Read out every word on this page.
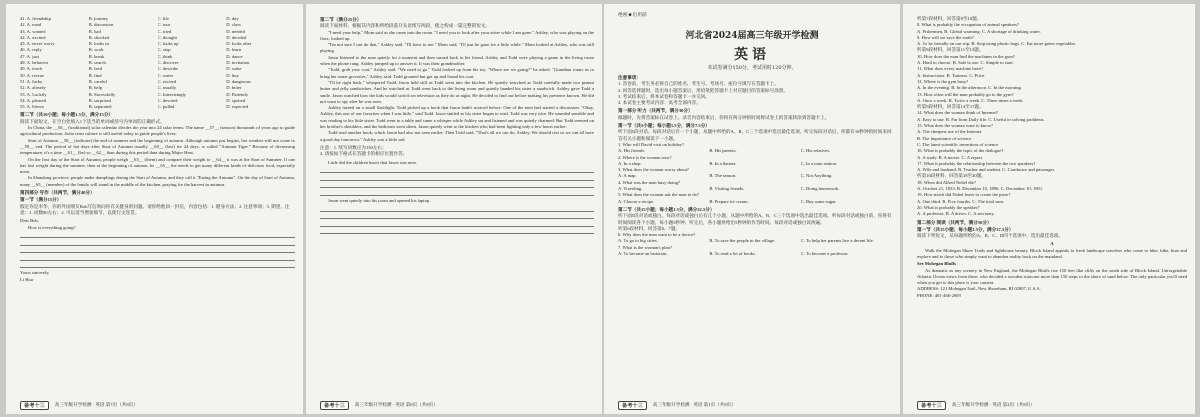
41. A. friendship	B. journey	C. life	D. day
42. A. meal	B. discussion	C. tour	D. class
43. A. wanted	B. had	C. tried	D. needed
44. A. excited	B. shocked	C. thought	D. decided
45. A. never worry	B. looks in	C. looks up	D. looks after
46. A. reply	B. work	C. stop	D. learn
47. A. just	B. break	C. think	D. dance
48. A. behavior	B. search	C. discover	D. invitation
49. A. teach	B. feed	C. describe	D. wake
50. A. rescue	B. find	C. water	D. buy
51. A. lucky	B. careful	C. excited	D. dangerous
52. A. already	B. help	C. usually	D. bitter
53. A. Luckily	B. Sucessfully	C. Interestingly	D. Patiently
54. A. pleased	B. surprised	C. devoted	D. spotted
55. A. blown	B. separated	C. pulled	D. expected
第二节（共10小题；每小题1.5分，满分15分）
阅读下面短文，在空白处填入1个适当的单词或括号内单词的正确形式。
In China, the __56__ (traditional) solar calendar divides the year into 24 solar terms. The name __57__ (season) thousands of years ago to guide agricultural production. Solar term culture is still useful today to guide people's lives.
Start of Autumn __58__ (indicate) the end of summer and the beginning of autumn. Although autumn just begins, hot weather will not come to __59__ end. The period of hot days after Start of Autumn usually __60__ (last) for 24 days, is called "Autumn Tiger." Because of decreasing temperature, it's a time __61__ (be) so __62__ than during this period than during Major Heat.
On the first day of the Start of Autumn, people weigh __63__ (them) and compare their weight to __64__ it was at the Start of Summer. If one has lost weight during the summer, then at the beginning of autumn, he __65__ the needs to get many different kinds of delicious food, especially meat.
In Shandong province, people make dumplings during the Start of Autumn, and they call it "Eating the Autumn". On the day of Start of Autumn, many __65__ (member) of the family will stand in the middle of the kitchen, praying for the harvest in autumn.
第四部分 写作（共两节，满分40分）
第一节（满分15分）
假定你是李华，你的外国朋友Bob写信询问你有关健身的问题。请你给他回一封信，内容包括：1. 健身方法；2. 注意事项；3. 期望。注意：1. 词数80左右；2. 可以适当增加细节，以使行文连贯。
Dear Bob,
How is everything going?
Yours sincerely,
Li Hua
备考十三	高三年级开学检测 · 英语 第7页（共8页）
第二节（满分25分）
阅读下面材料，根据其内容和所给段落开头语续写两段，使之构成一篇完整的短文。
"I need your help," Mom said as she came into the room. "I need you to look after your sister while I am gone." Ashley, who was playing on the floor, looked up.
"I'm not sure I can do that," Ashley said. "I'll have to see." Mom said, "I'll just be gone for a little while." Mom looked at Ashley, who was still playing.
Jason listened to the man quietly for a moment and then turned back to his friend. Ashley and Todd were playing a game in the living room when the phone rang. Ashley jumped up to answer it. It was their grandmother.
"Todd, grab your coat," Ashley said. "We need to go." Todd looked up from his toy. "Where are we going?" he asked. "Grandma wants us to bring her some groceries," Ashley said. Todd groaned but got up and found his coat.
"I'll be right back," whispered Todd. Jason held still as Todd went into the kitchen. He quietly searched as Todd carefully made two peanut butter and jelly sandwiches. And he watched as Todd went back to the living room and quietly handed his sister a sandwich. Ashley gave Todd a smile. Jason watched how the kids would switch on television as they do at night. He decided to find out before making his presence known. He did not want to spy after he was seen.
Ashley turned on a small flashlight. Todd picked up a book that Jason hadn't noticed before. One of the men had started a discussion. "Okay, Ashley, this one of our favorites when I was little," said Todd. Jason smiled as his sister began to read. Todd was very nice. He sounded sensible and was reading to his little sister. Todd went to a table and came a whisper while Ashley sat and listened and was quietly charmed. But Todd seemed on her brother's shoulders, and the bedroom went silent. Jason quietly went to the kitchen who had been fighting only a few hours earlier.
Todd read another book, which Jason had also not seen earlier. Then Todd said, "That's all we can do, Ashley. We should rest so we can all have a good day tomorrow." Ashley was a little sad.
注意：1. 续写词数应为150左右；
2. 请按如下格式在答题卡的相应位置作答。
Little did the children know that Jason was near.
Jason went quietly into his room and opened his laptop.
备考十三	高三年级开学检测 · 英语 第8页（共8页）
绝密★启用前
河北省2024届高三年级开学检测
英语
本试卷满分150分，考试用时120分钟。
注意事项：
1. 答卷前，考生务必将自己的姓名、考生号、考场号、座位号填写在答题卡上。
2. 回答选择题时，选出每小题答案后，用铅笔把答题卡上对应题目的答案标号涂黑。
3. 考试结束后，将本试卷和答题卡一并交回。
4. 本试卷主要考试内容：高考全部内容。
第一部分 听力（共两节，满分30分）
做题时，先将答案标在试卷上。录音内容结束后，你将有两分钟的时间将试卷上的答案转涂到答题卡上。
第一节（共5小题；每小题1.5分，满分7.5分）
听下面5段对话。每段对话后有一个小题，从题中所给的A、B、C三个选项中选出最佳选项。听完每段对话后，你都有10秒钟的时间来回答有关小题和阅读下一小题。
1. Who will David visit on holiday?
A. His friends.	B. His parents.	C. His relatives.
2. Where is the woman now?
A. In a shop.	B. In a theater.	C. In a train station.
3. What does the woman worry about?
A. A map.	B. The season.	C. Not Anything.
4. What was the man busy doing?
A. Traveling.	B. Visiting friends.	C. Doing homework.
5. What does the woman ask the man to do?
A. Choose a recipe.	B. Prepare ice cream.	C. Buy some sugar.
第二节（共15小题；每小题1.5分，满分22.5分）
听下面5段对话或独白。每段对话或独白后有几个小题，从题中所给的A、B、C三个选项中选出最佳选项。听每段对话或独白前，你将有时间阅读各个小题，每小题5秒钟；听完后，各小题将给出5秒钟的作答时间。每段对话或独白读两遍。
听第6段材料，回答第6、7题。
6. Why does the man want to be a doctor?
A. To go to big cities.	B. To save the people in the village.	C. To help her parents live a decent life.
7. What is the woman's plan?
A. To become an historian.	B. To read a lot of books.	C. To become a professor.
备考十三	高三年级开学检测 · 英语 第1页（共8页）
听第7段材料，回答第8至10题。
8. What is probably the occupation of animal speakers?
A. Fishermen. B. Global warming. C. A shortage of drinking water.
9. How will we save the earth?
A. To be friendly on our trip. B. Stop using plastic bags. C. Eat more green vegetables.
听第8段材料，回答第11至13题。
10. How does the man find the machines in the gym?
A. Hard to choose. B. Safe to use. C. Simple to start.
11. What does every machine have?
A. Instructions. B. Trainers. C. Price.
12. Where is the gym busy?
A. In the evening. B. In the afternoon. C. In the morning.
13. How often will the man probably go to the gym?
A. Once a week. B. Twice a week. C. Three times a week.
听第9段材料，回答第14至17题。
14. What does the woman think of Internet?
A. Easy to use. B. Far from Daily life. C. Useful in solving problems.
15. What does the woman want to know?
A. The cheapest use of the Internet.
B. The importance of science.
C. The latest scientific inventions of science.
16. What is probably the topic of the dialogue?
A. A study. B. A movie. C. A report.
17. What is probably the relationship between the two speakers?
A. Wife and husband. B. Teacher and student. C. Conductor and passenger.
听第10段材料，回答第18至20题。
18. When did Alfred Nobel die?
A. October 21, 1833. B. December 10, 1896. C. December 10, 1901.
19. How much did Nobel leave to create the prize?
A. One third. B. Five fourths. C. The total sum.
20. What is probably the speaker?
A. A professor. B. A driver. C. A secretary.
第二部分 阅读（共两节，满分50分）
第一节（共15小题；每小题2.5分，满分37.5分）
阅读下列短文，从每题所给的A、B、C、D四个选项中，选出最佳选项。
A
Walk the Mohegan Shore Trails and lighthouse beauty. Block Island appeals to fresh landscape travelers who come to hike, bike, boat and explore and to those who simply want to abandon reality back on the mainland.
See Mohegan Bluffs
As dramatic as any scenery in New England, the Mohegan Bluffs rise 150 feet like cliffs on the south side of Block Island. Unforgettable Atlantic Ocean views from there, who decided a wooden staircase more than 150 steps to the shore of sand below. The only particular you'll need when you get to this place is your camera.
ADDRESS: 121 Mohegan Trail, New Shoreham, RI 02807, U.S.A.
PHONE: 401-466-2009
备考十三	高三年级开学检测 · 英语 第2页（共8页）
